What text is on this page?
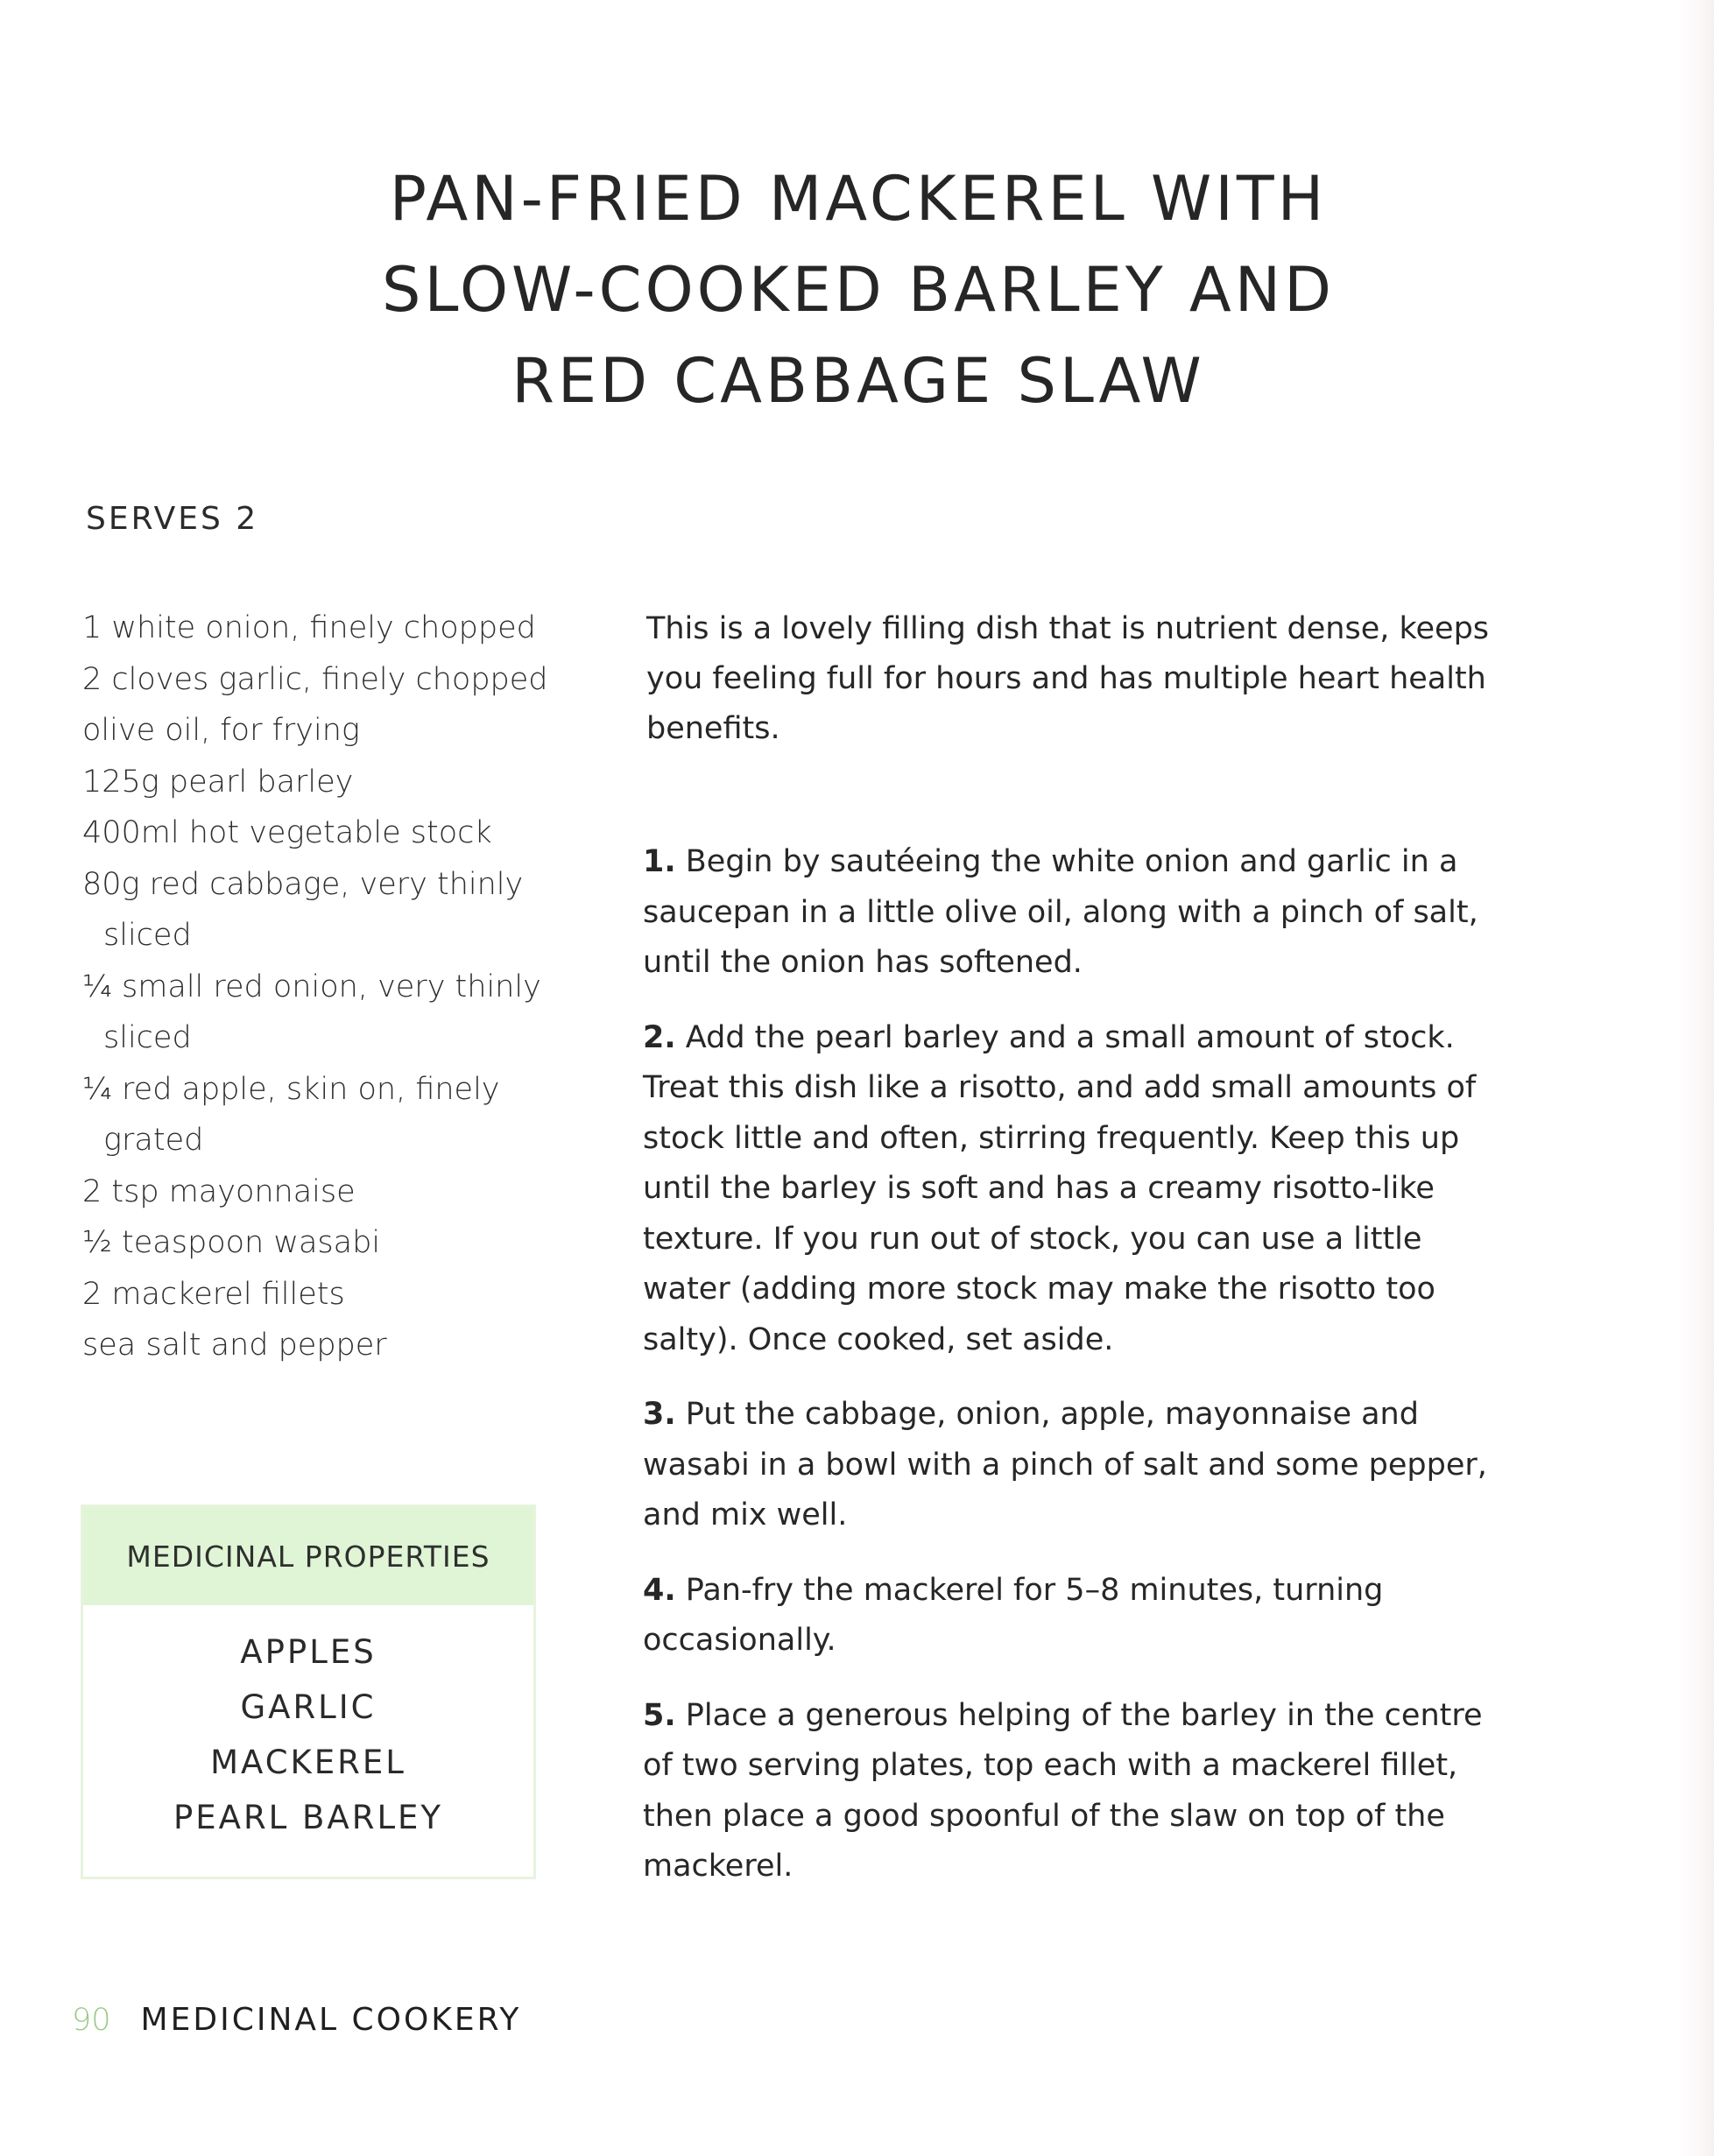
PAN-FRIED MACKEREL WITH
SLOW-COOKED BARLEY AND
RED CABBAGE SLAW
SERVES 2
1 white onion, finely chopped
2 cloves garlic, finely chopped
olive oil, for frying
125g pearl barley
400ml hot vegetable stock
80g red cabbage, very thinly sliced
¼ small red onion, very thinly sliced
¼ red apple, skin on, finely grated
2 tsp mayonnaise
½ teaspoon wasabi
2 mackerel fillets
sea salt and pepper
MEDICINAL PROPERTIES
APPLES
GARLIC
MACKEREL
PEARL BARLEY

This is a lovely filling dish that is nutrient dense, keeps you feeling full for hours and has multiple heart health benefits.

1. Begin by sautéeing the white onion and garlic in a saucepan in a little olive oil, along with a pinch of salt, until the onion has softened.
2. Add the pearl barley and a small amount of stock. Treat this dish like a risotto, and add small amounts of stock little and often, stirring frequently. Keep this up until the barley is soft and has a creamy risotto-like texture. If you run out of stock, you can use a little water (adding more stock may make the risotto too salty). Once cooked, set aside.
3. Put the cabbage, onion, apple, mayonnaise and wasabi in a bowl with a pinch of salt and some pepper, and mix well.
4. Pan-fry the mackerel for 5–8 minutes, turning occasionally.
5. Place a generous helping of the barley in the centre of two serving plates, top each with a mackerel fillet, then place a good spoonful of the slaw on top of the mackerel.
90 MEDICINAL COOKERY
